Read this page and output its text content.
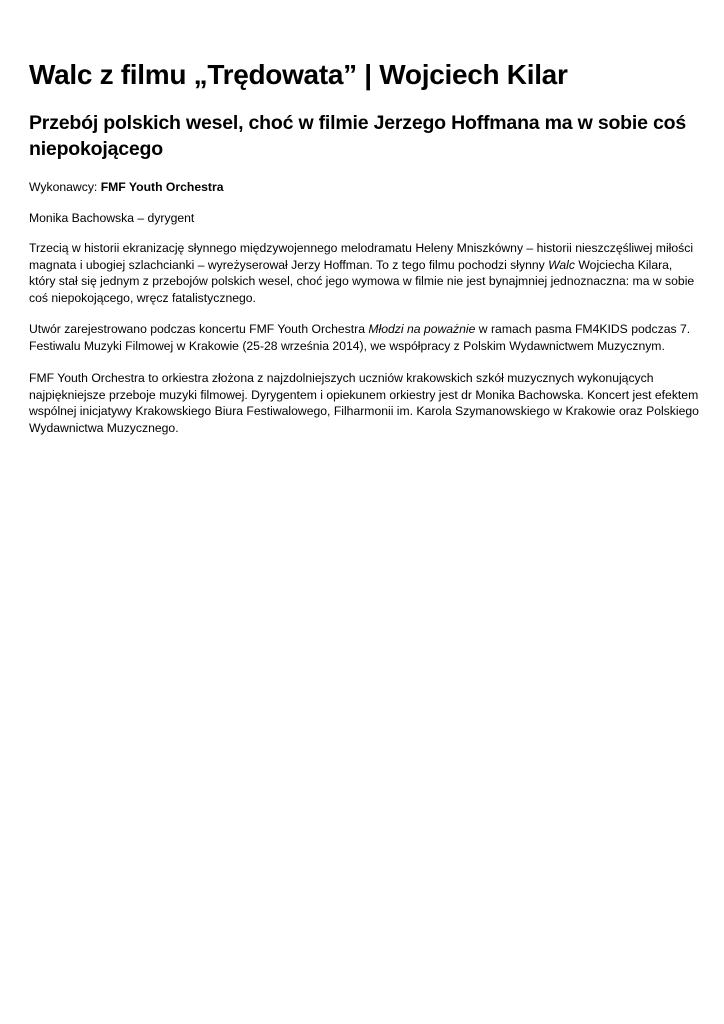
Walc z filmu „Trędowata” | Wojciech Kilar
Przebój polskich wesel, choć w filmie Jerzego Hoffmana ma w sobie coś niepokojącego

Wykonawcy: FMF Youth Orchestra

Monika Bachowska – dyrygent

Trzecią w historii ekranizację słynnego międzywojennego melodramatu Heleny Mniszkówny – historii nieszczęśliwej miłości magnata i ubogiej szlachcianki – wyreżyserował Jerzy Hoffman. To z tego filmu pochodzi słynny Walc Wojciecha Kilara, który stał się jednym z przebojów polskich wesel, choć jego wymowa w filmie nie jest bynajmniej jednoznaczna: ma w sobie coś niepokojącego, wręcz fatalistycznego.

Utwór zarejestrowano podczas koncertu FMF Youth Orchestra Młodzi na poważnie w ramach pasma FM4KIDS podczas 7. Festiwalu Muzyki Filmowej w Krakowie (25-28 września 2014), we współpracy z Polskim Wydawnictwem Muzycznym.

FMF Youth Orchestra to orkiestra złożona z najzdolniejszych uczniów krakowskich szkół muzycznych wykonujących najpiękniejsze przeboje muzyki filmowej. Dyrygentem i opiekunem orkiestry jest dr Monika Bachowska. Koncert jest efektem wspólnej inicjatywy Krakowskiego Biura Festiwalowego, Filharmonii im. Karola Szymanowskiego w Krakowie oraz Polskiego Wydawnictwa Muzycznego.
